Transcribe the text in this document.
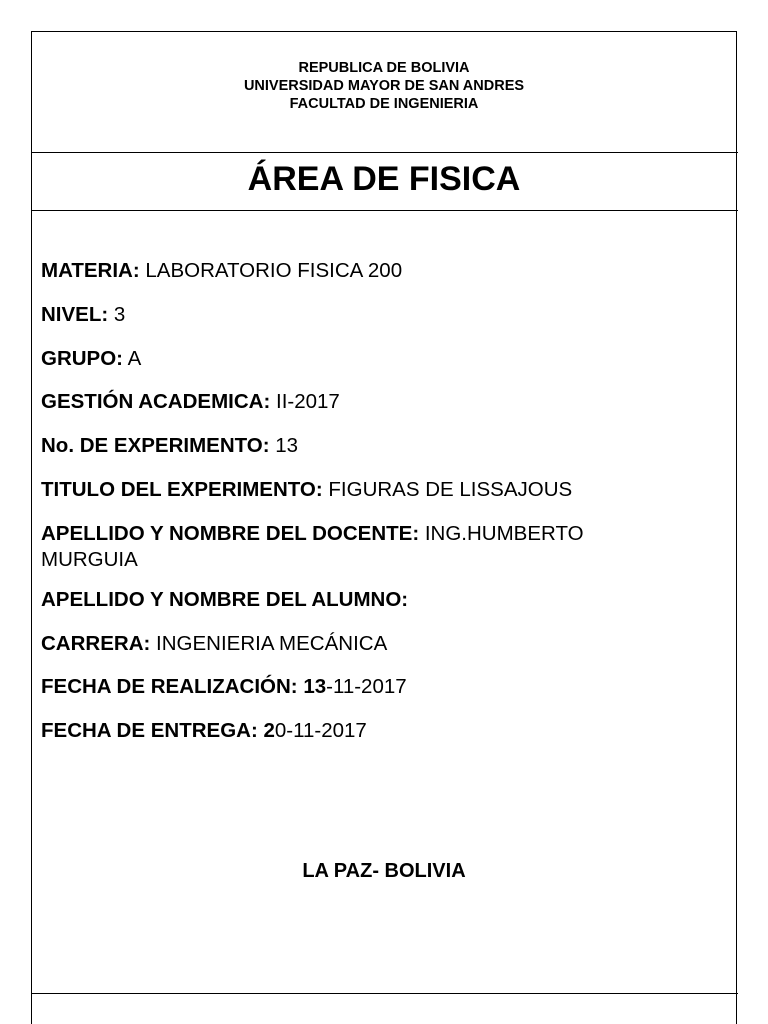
REPUBLICA DE BOLIVIA
UNIVERSIDAD MAYOR DE SAN ANDRES
FACULTAD DE INGENIERIA
ÁREA DE FISICA
MATERIA: LABORATORIO FISICA 200
NIVEL: 3
GRUPO: A
GESTIÓN ACADEMICA: II-2017
No. DE EXPERIMENTO: 13
TITULO DEL EXPERIMENTO: FIGURAS DE LISSAJOUS
APELLIDO Y NOMBRE DEL DOCENTE: ING.HUMBERTO MURGUIA
APELLIDO Y NOMBRE DEL ALUMNO:
CARRERA: INGENIERIA MECÁNICA
FECHA DE REALIZACIÓN: 13-11-2017
FECHA DE ENTREGA: 20-11-2017
LA PAZ- BOLIVIA
